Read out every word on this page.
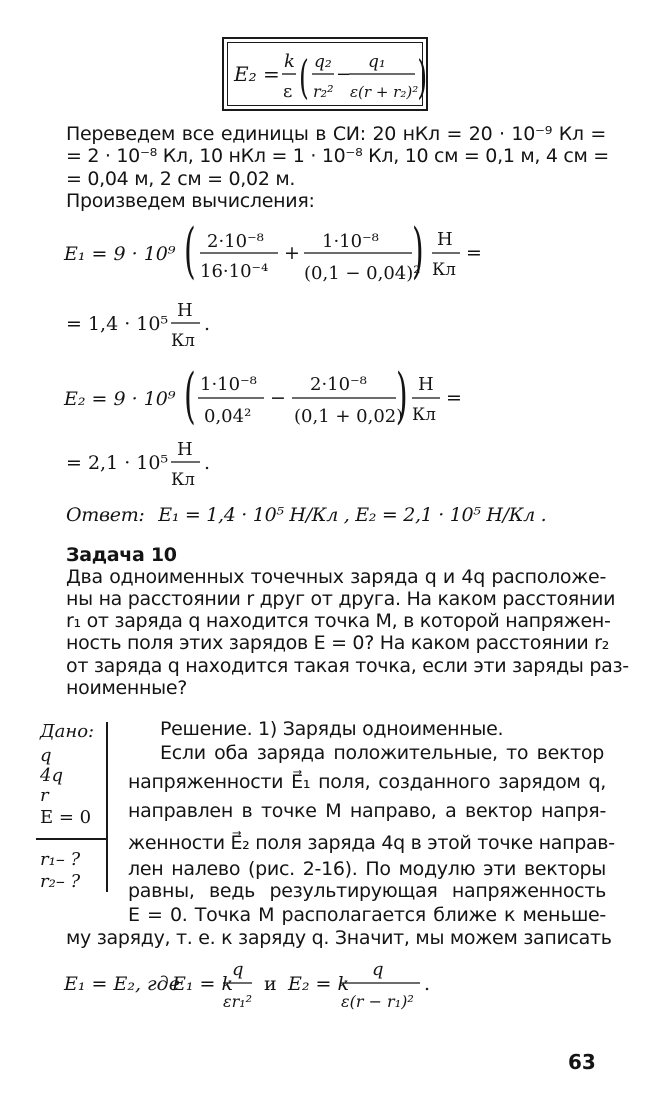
E₂ =
k
ε ( q₂
r₂²
−
q₁
ε(r + r₂)² )
Переведем все единицы в СИ: 20 нКл = 20 · 10⁻⁹ Кл =
= 2 · 10⁻⁸ Кл, 10 нКл = 1 · 10⁻⁸ Кл, 10 см = 0,1 м, 4 см =
= 0,04 м, 2 см = 0,02 м.
Произведем вычисления:
E₁ = 9 · 10⁹ ( 2·10⁻⁸
16·10⁻⁴
+
1·10⁻⁸
(0,1 − 0,04)²
) Н
Кл
=
= 1,4 · 10⁵
Н
Кл
.
E₂ = 9 · 10⁹ ( 1·10⁻⁸
0,04²
−
2·10⁻⁸
(0,1 + 0,02)
) Н
Кл
=
= 2,1 · 10⁵
Н
Кл
.
Ответ: E₁ = 1,4 · 10⁵ Н/Кл , E₂ = 2,1 · 10⁵ Н/Кл .
Задача 10
Два одноименных точечных заряда q и 4q расположе-
ны на расстоянии r друг от друга. На каком расстоянии
r₁ от заряда q находится точка M, в которой напряжен-
ность поля этих зарядов E = 0? На каком расстоянии r₂
от заряда q находится такая точка, если эти заряды раз-
ноименные?
Дано:
q
4q
r
E = 0
r₁– ?
r₂– ?
Решение. 1) Заряды одноименные.
Если оба заряда положительные, то вектор
напряженности E⃗₁ поля, созданного зарядом q,
направлен в точке M направо, а вектор напря-
женности E⃗₂ поля заряда 4q в этой точке направ-
лен налево (рис. 2-16). По модулю эти векторы
равны, ведь результирующая напряженность
E = 0. Точка M располагается ближе к меньше-
му заряду, т. е. к заряду q. Значит, мы можем записать
E₁ = E₂, где
E₁ = k
q
εr₁²
и E₂ = k
q
ε(r − r₁)²
.
63
